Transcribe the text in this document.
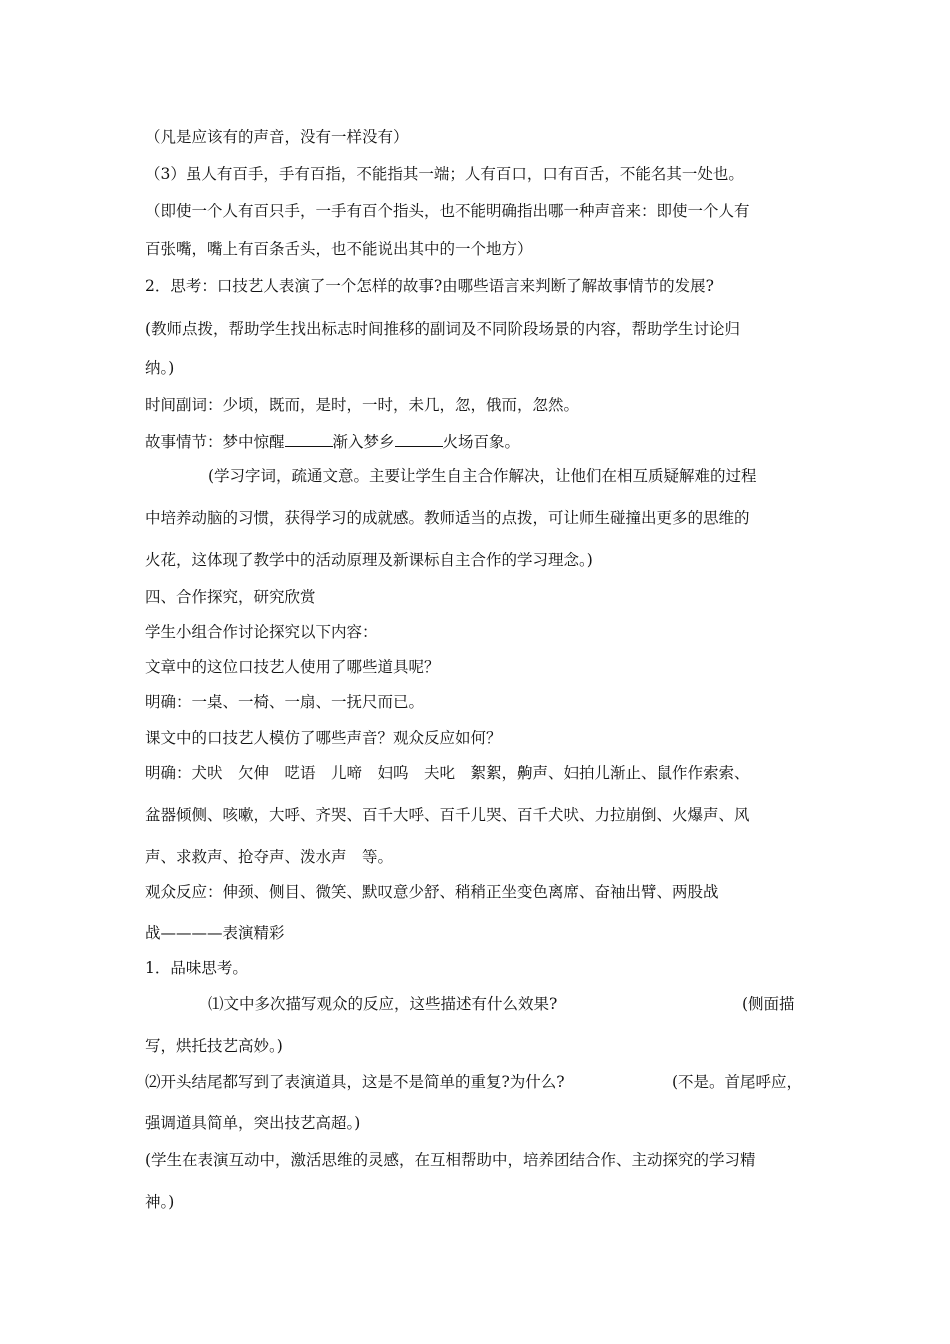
（凡是应该有的声音，没有一样没有）
（3）虽人有百手，手有百指，不能指其一端；人有百口，口有百舌，不能名其一处也。
（即使一个人有百只手，一手有百个指头，也不能明确指出哪一种声音来：即使一个人有
百张嘴，嘴上有百条舌头，也不能说出其中的一个地方）
2．思考：口技艺人表演了一个怎样的故事?由哪些语言来判断了解故事情节的发展?
(教师点拨，帮助学生找出标志时间推移的副词及不同阶段场景的内容，帮助学生讨论归
纳。)
时间副词：少顷，既而，是时，一时，未几，忽，俄而，忽然。
故事情节：梦中惊醒	渐入梦乡	火场百象。
(学习字词，疏通文意。主要让学生自主合作解决，让他们在相互质疑解难的过程
中培养动脑的习惯，获得学习的成就感。教师适当的点拨，可让师生碰撞出更多的思维的
火花，这体现了教学中的活动原理及新课标自主合作的学习理念。)
四、合作探究，研究欣赏
学生小组合作讨论探究以下内容：
文章中的这位口技艺人使用了哪些道具呢？
明确：一桌、一椅、一扇、一抚尺而已。
课文中的口技艺人模仿了哪些声音？观众反应如何？
明确：犬吠　欠伸　呓语　儿啼　妇呜　夫叱　絮絮，齁声、妇拍儿渐止、鼠作作索索、
盆器倾侧、咳嗽，大呼、齐哭、百千大呼、百千儿哭、百千犬吠、力拉崩倒、火爆声、风
声、求救声、抢夺声、泼水声　等。
观众反应：伸颈、侧目、微笑、默叹意少舒、稍稍正坐变色离席、奋袖出臂、两股战
战————表演精彩
1．品味思考。
⑴文中多次描写观众的反应，这些描述有什么效果?	(侧面描
写，烘托技艺高妙。)
⑵开头结尾都写到了表演道具，这是不是简单的重复?为什么?	(不是。首尾呼应，
强调道具简单，突出技艺高超。)
(学生在表演互动中，激活思维的灵感，在互相帮助中，培养团结合作、主动探究的学习精
神。)
